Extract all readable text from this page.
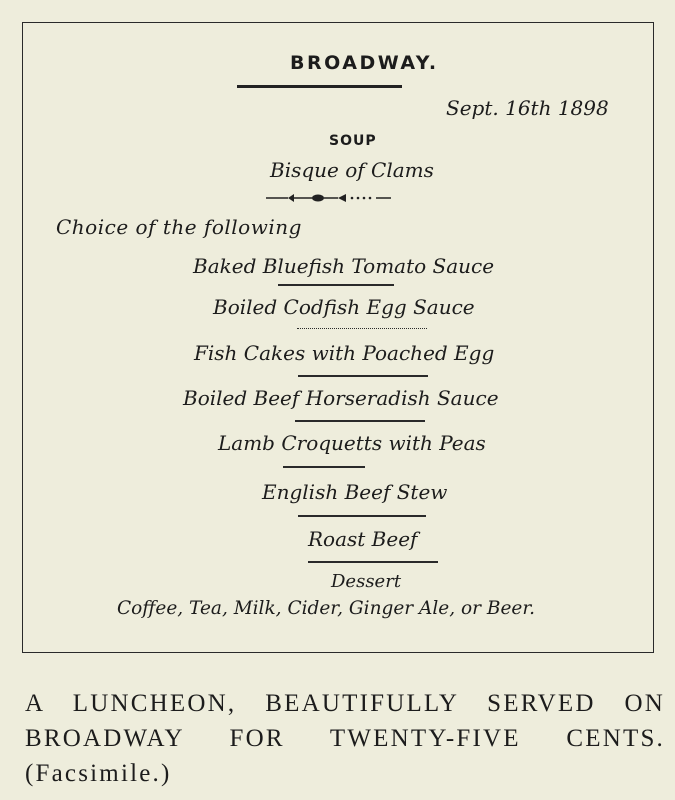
BROADWAY.
Sept. 16th 1898
SOUP
Bisque of Clams
Choice of the following
Baked Bluefish Tomato Sauce
Boiled Codfish Egg Sauce
Fish Cakes with Poached Egg
Boiled Beef Horseradish Sauce
Lamb Croquetts with Peas
English Beef Stew
Roast Beef
Dessert
Coffee, Tea, Milk, Cider, Ginger Ale, or Beer.
A LUNCHEON, BEAUTIFULLY SERVED ON BROADWAY FOR TWENTY-FIVE CENTS. (Facsimile.)
